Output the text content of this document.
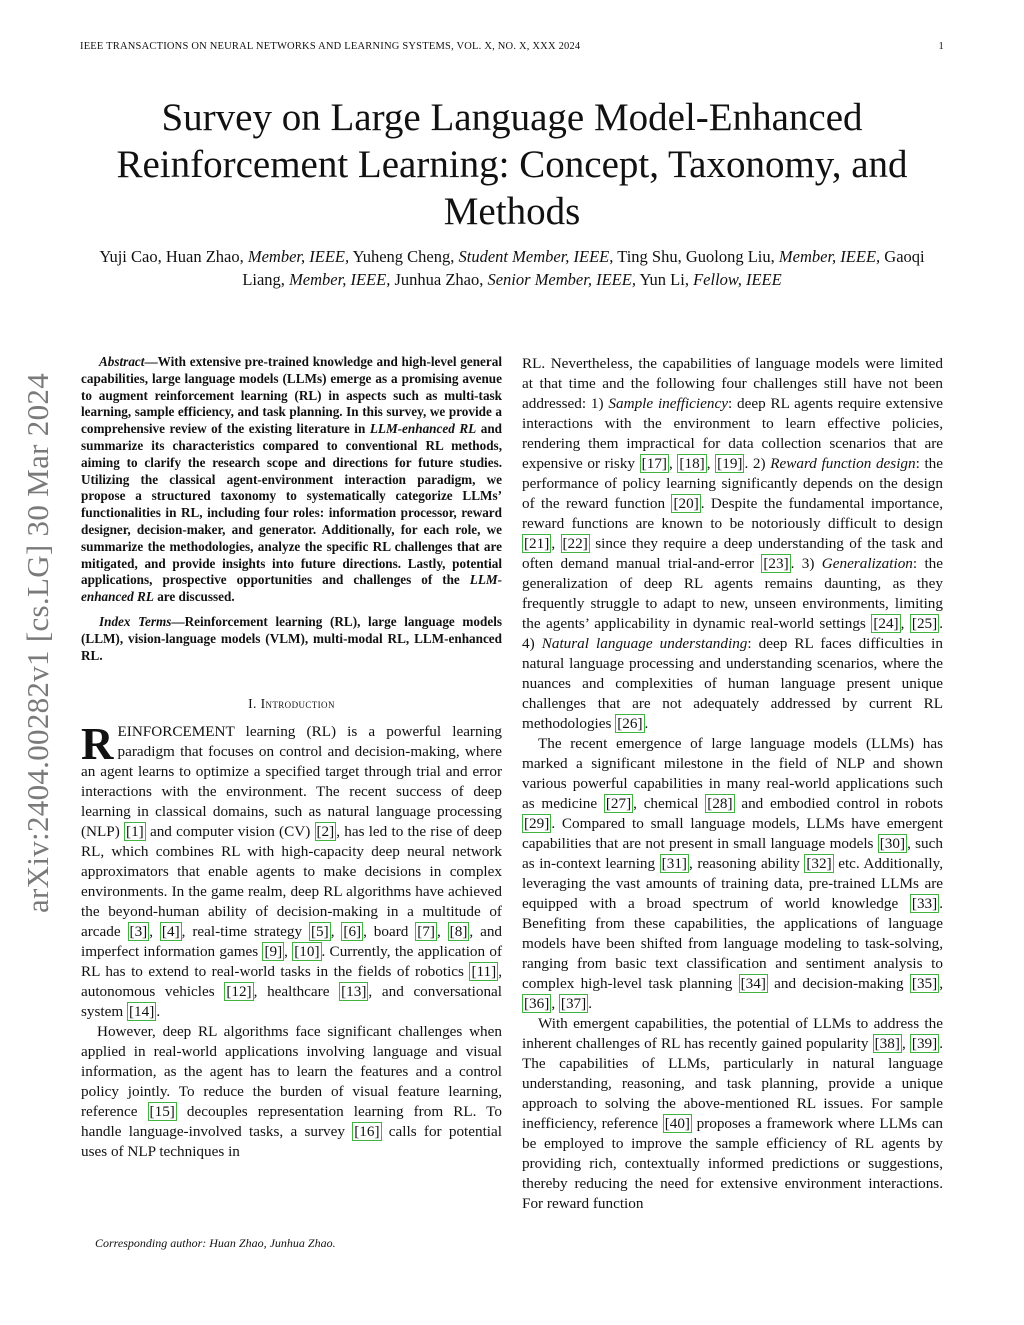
IEEE TRANSACTIONS ON NEURAL NETWORKS AND LEARNING SYSTEMS, VOL. X, NO. X, XXX 2024	1
Survey on Large Language Model-Enhanced Reinforcement Learning: Concept, Taxonomy, and Methods
Yuji Cao, Huan Zhao, Member, IEEE, Yuheng Cheng, Student Member, IEEE, Ting Shu, Guolong Liu, Member, IEEE, Gaoqi Liang, Member, IEEE, Junhua Zhao, Senior Member, IEEE, Yun Li, Fellow, IEEE
arXiv:2404.00282v1 [cs.LG] 30 Mar 2024

Abstract—With extensive pre-trained knowledge and high-level general capabilities, large language models (LLMs) emerge as a promising avenue to augment reinforcement learning (RL) in aspects such as multi-task learning, sample efficiency, and task planning. In this survey, we provide a comprehensive review of the existing literature in LLM-enhanced RL and summarize its characteristics compared to conventional RL methods, aiming to clarify the research scope and directions for future studies. Utilizing the classical agent-environment interaction paradigm, we propose a structured taxonomy to systematically categorize LLMs’ functionalities in RL, including four roles: information processor, reward designer, decision-maker, and generator. Additionally, for each role, we summarize the methodologies, analyze the specific RL challenges that are mitigated, and provide insights into future directions. Lastly, potential applications, prospective opportunities and challenges of the LLM-enhanced RL are discussed.

Index Terms—Reinforcement learning (RL), large language models (LLM), vision-language models (VLM), multi-modal RL, LLM-enhanced RL.

I. Introduction

REINFORCEMENT learning (RL) is a powerful learning paradigm that focuses on control and decision-making, where an agent learns to optimize a specified target through trial and error interactions with the environment. The recent success of deep learning in classical domains, such as natural language processing (NLP) [1] and computer vision (CV) [2] , has led to the rise of deep RL, which combines RL with high-capacity deep neural network approximators that enable agents to make decisions in complex environments. In the game realm, deep RL algorithms have achieved the beyond-human ability of decision-making in a multitude of arcade [3] , [4] , real-time strategy [5] , [6] , board [7] , [8] , and imperfect information games [9] , [10] . Currently, the application of RL has to extend to real-world tasks in the fields of robotics [11] , autonomous vehicles [12] , healthcare [13] , and conversational system [14] .

However, deep RL algorithms face significant challenges when applied in real-world applications involving language and visual information, as the agent has to learn the features and a control policy jointly. To reduce the burden of visual feature learning, reference [15] decouples representation learning from RL. To handle language-involved tasks, a survey [16] calls for potential uses of NLP techniques in

RL. Nevertheless, the capabilities of language models were limited at that time and the following four challenges still have not been addressed: 1) Sample inefficiency: deep RL agents require extensive interactions with the environment to learn effective policies, rendering them impractical for data collection scenarios that are expensive or risky [17] , [18] , [19] . 2) Reward function design: the performance of policy learning significantly depends on the design of the reward function [20] . Despite the fundamental importance, reward functions are known to be notoriously difficult to design [21] , [22] since they require a deep understanding of the task and often demand manual trial-and-error [23] . 3) Generalization: the generalization of deep RL agents remains daunting, as they frequently struggle to adapt to new, unseen environments, limiting the agents’ applicability in dynamic real-world settings [24] , [25] . 4) Natural language understanding: deep RL faces difficulties in natural language processing and understanding scenarios, where the nuances and complexities of human language present unique challenges that are not adequately addressed by current RL methodologies [26] .

The recent emergence of large language models (LLMs) has marked a significant milestone in the field of NLP and shown various powerful capabilities in many real-world applications such as medicine [27] , chemical [28] and embodied control in robots [29] . Compared to small language models, LLMs have emergent capabilities that are not present in small language models [30] , such as in-context learning [31] , reasoning ability [32] etc. Additionally, leveraging the vast amounts of training data, pre-trained LLMs are equipped with a broad spectrum of world knowledge [33] . Benefiting from these capabilities, the applications of language models have been shifted from language modeling to task-solving, ranging from basic text classification and sentiment analysis to complex high-level task planning [34] and decision-making [35] , [36] , [37] .

With emergent capabilities, the potential of LLMs to address the inherent challenges of RL has recently gained popularity [38] , [39] . The capabilities of LLMs, particularly in natural language understanding, reasoning, and task planning, provide a unique approach to solving the above-mentioned RL issues. For sample inefficiency, reference [40] proposes a framework where LLMs can be employed to improve the sample efficiency of RL agents by providing rich, contextually informed predictions or suggestions, thereby reducing the need for extensive environment interactions. For reward function

Corresponding author: Huan Zhao, Junhua Zhao.
